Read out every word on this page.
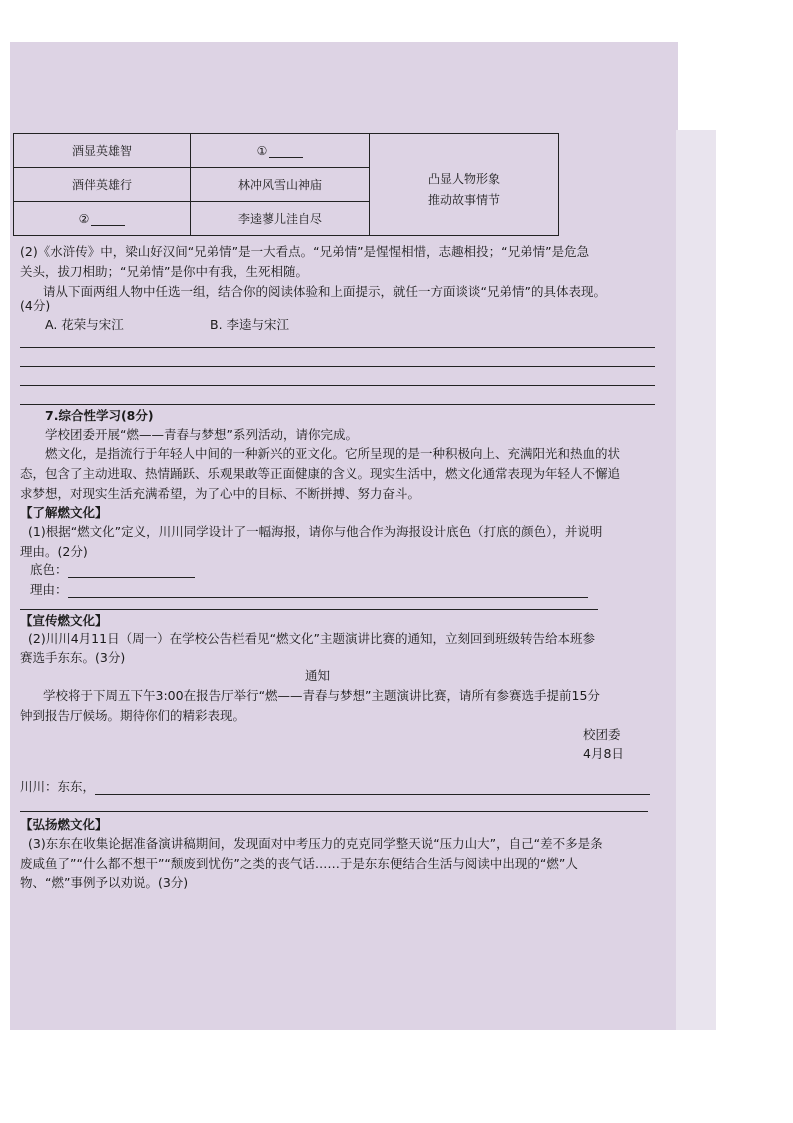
酒显英雄智	①	凸显人物形象
推动故事情节

酒伴英雄行	林冲风雪山神庙	
②	李逵蓼儿洼自尽	
(2)《水浒传》中，梁山好汉间“兄弟情”是一大看点。“兄弟情”是惺惺相惜，志趣相投；“兄弟情”是危急
关头，拔刀相助；“兄弟情”是你中有我，生死相随。
请从下面两组人物中任选一组，结合你的阅读体验和上面提示，就任一方面谈谈“兄弟情”的具体表现。
(4分)
A. 花荣与宋江	B. 李逵与宋江
7.综合性学习(8分)
学校团委开展“燃——青春与梦想”系列活动，请你完成。
燃文化，是指流行于年轻人中间的一种新兴的亚文化。它所呈现的是一种积极向上、充满阳光和热血的状
态，包含了主动进取、热情踊跃、乐观果敢等正面健康的含义。现实生活中，燃文化通常表现为年轻人不懈追
求梦想，对现实生活充满希望，为了心中的目标、不断拼搏、努力奋斗。
【了解燃文化】
(1)根据“燃文化”定义，川川同学设计了一幅海报，请你与他合作为海报设计底色（打底的颜色），并说明
理由。(2分)
底色：
理由：
【宣传燃文化】
(2)川川4月11日（周一）在学校公告栏看见“燃文化”主题演讲比赛的通知，立刻回到班级转告给本班参
赛选手东东。(3分)
通知
学校将于下周五下午3:00在报告厅举行“燃——青春与梦想”主题演讲比赛，请所有参赛选手提前15分
钟到报告厅候场。期待你们的精彩表现。
校团委
4月8日
川川：东东，
【弘扬燃文化】
(3)东东在收集论据准备演讲稿期间，发现面对中考压力的克克同学整天说“压力山大”，自己“差不多是条
废咸鱼了”“什么都不想干”“颓废到忧伤”之类的丧气话……于是东东便结合生活与阅读中出现的“燃”人
物、“燃”事例予以劝说。(3分)
